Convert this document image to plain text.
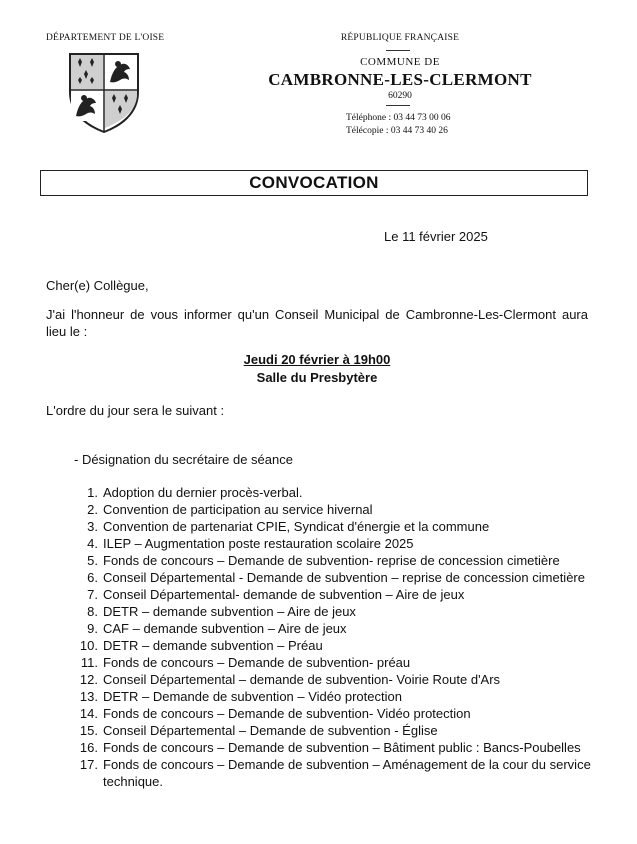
DÉPARTEMENT DE L'OISE	RÉPUBLIQUE FRANÇAISE
COMMUNE DE
CAMBRONNE-LES-CLERMONT
60290
Téléphone : 03 44 73 00 06
Télécopie : 03 44 73 40 26
CONVOCATION
Le 11 février 2025
Cher(e) Collègue,
J'ai l'honneur de vous informer qu'un Conseil Municipal de Cambronne-Les-Clermont aura lieu le :
Jeudi 20 février à 19h00
Salle du Presbytère
L'ordre du jour sera le suivant :
- Désignation du secrétaire de séance
1. Adoption du dernier procès-verbal.
2. Convention de participation au service hivernal
3. Convention de partenariat CPIE, Syndicat d'énergie et la commune
4. ILEP – Augmentation poste restauration scolaire 2025
5. Fonds de concours – Demande de subvention- reprise de concession cimetière
6. Conseil Départemental - Demande de subvention – reprise de concession cimetière
7. Conseil Départemental- demande de subvention – Aire de jeux
8. DETR – demande subvention – Aire de jeux
9. CAF – demande subvention – Aire de jeux
10. DETR – demande subvention – Préau
11. Fonds de concours – Demande de subvention- préau
12. Conseil Départemental – demande de subvention- Voirie Route d'Ars
13. DETR – Demande de subvention – Vidéo protection
14. Fonds de concours – Demande de subvention- Vidéo protection
15. Conseil Départemental – Demande de subvention - Église
16. Fonds de concours – Demande de subvention – Bâtiment public : Bancs-Poubelles
17. Fonds de concours – Demande de subvention – Aménagement de la cour du service technique.
